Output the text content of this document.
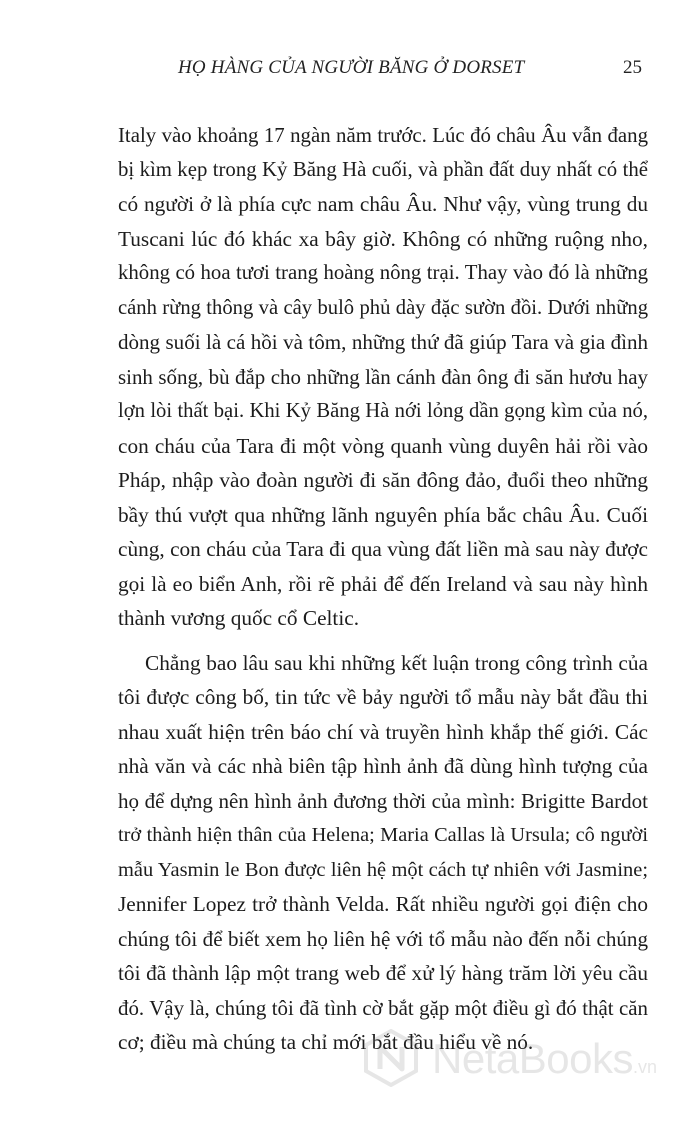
HỌ HÀNG CỦA NGƯỜI BĂNG Ở DORSET	25

Italy vào khoảng 17 ngàn năm trước. Lúc đó châu Âu vẫn đang
bị kìm kẹp trong Kỷ Băng Hà cuối, và phần đất duy nhất có thể
có người ở là phía cực nam châu Âu. Như vậy, vùng trung du
Tuscani lúc đó khác xa bây giờ. Không có những ruộng nho,
không có hoa tươi trang hoàng nông trại. Thay vào đó là những
cánh rừng thông và cây bulô phủ dày đặc sườn đồi. Dưới những
dòng suối là cá hồi và tôm, những thứ đã giúp Tara và gia đình
sinh sống, bù đắp cho những lần cánh đàn ông đi săn hươu hay
lợn lòi thất bại. Khi Kỷ Băng Hà nới lỏng dần gọng kìm của nó,
con cháu của Tara đi một vòng quanh vùng duyên hải rồi vào
Pháp, nhập vào đoàn người đi săn đông đảo, đuổi theo những
bầy thú vượt qua những lãnh nguyên phía bắc châu Âu. Cuối
cùng, con cháu của Tara đi qua vùng đất liền mà sau này được
gọi là eo biển Anh, rồi rẽ phải để đến Ireland và sau này hình
thành vương quốc cổ Celtic.

Chẳng bao lâu sau khi những kết luận trong công trình của
tôi được công bố, tin tức về bảy người tổ mẫu này bắt đầu thi
nhau xuất hiện trên báo chí và truyền hình khắp thế giới. Các
nhà văn và các nhà biên tập hình ảnh đã dùng hình tượng của
họ để dựng nên hình ảnh đương thời của mình: Brigitte Bardot
trở thành hiện thân của Helena; Maria Callas là Ursula; cô người
mẫu Yasmin le Bon được liên hệ một cách tự nhiên với Jasmine;
Jennifer Lopez trở thành Velda. Rất nhiều người gọi điện cho
chúng tôi để biết xem họ liên hệ với tổ mẫu nào đến nỗi chúng
tôi đã thành lập một trang web để xử lý hàng trăm lời yêu cầu
đó. Vậy là, chúng tôi đã tình cờ bắt gặp một điều gì đó thật căn
cơ; điều mà chúng ta chỉ mới bắt đầu hiểu về nó.

NetaBooks.vn
